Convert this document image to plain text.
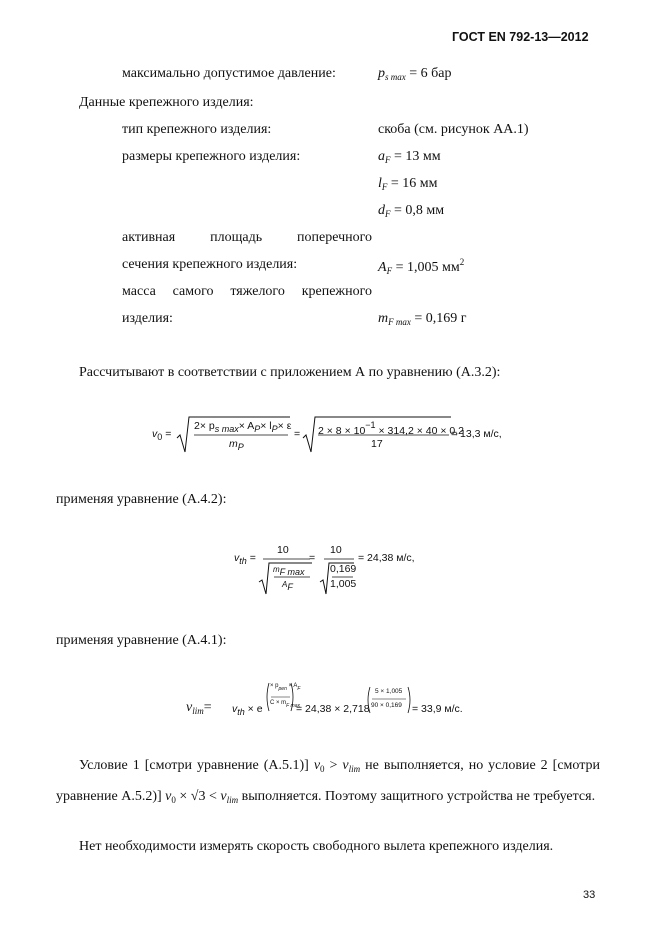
ГОСТ EN 792-13—2012
максимально допустимое давление:	$p_{s max} = 6$ бар
Данные крепежного изделия:
тип крепежного изделия:	скоба (см. рисунок АА.1)
размеры крепежного изделия:	$a_F = 13$ мм
$l_F = 16$ мм
$d_F = 0,8$ мм
активная площадь поперечного
сечения крепежного изделия:	$A_F = 1,005$ $мм^2$
масса самого тяжелого крепежного
изделия:	$m_{F max} = 0,169$ г
Рассчитывают в соответствии с приложением А по уравнению (А.3.2):
$v_0$ =
$2\times p_{s max}\times A_P\times l_P\times \varepsilon$
$m_P$
= $2 \times 8 \times 10^{-1} \times 314,2 \times 40 \times 0,2$
17
= 13,3 м/с,
применяя уравнение (А.4.2):
$v_{th}$ =
10
$m_{F max}$
$A_F$
=
10
0,169
1,005
= 24,38 м/с,
применяя уравнение (А.4.1):
$v_{lim}= v_{th} \times e$
× $p_{pen} \times A_F$
$C \times m_{F max}$
= 24,38 × 2,718
5 × 1,005
90 × 0,169 = 33,9 м/с.
Условие 1 [смотри уравнение (А.5.1)] $v_0 > v_{lim}$ не выполняется, но условие 2 [смотри уравнение А.5.2)] $v_0 \times √3 < v_{lim}$ выполняется. Поэтому защитного устройства не требуется.
Нет необходимости измерять скорость свободного вылета крепежного изделия.
33
